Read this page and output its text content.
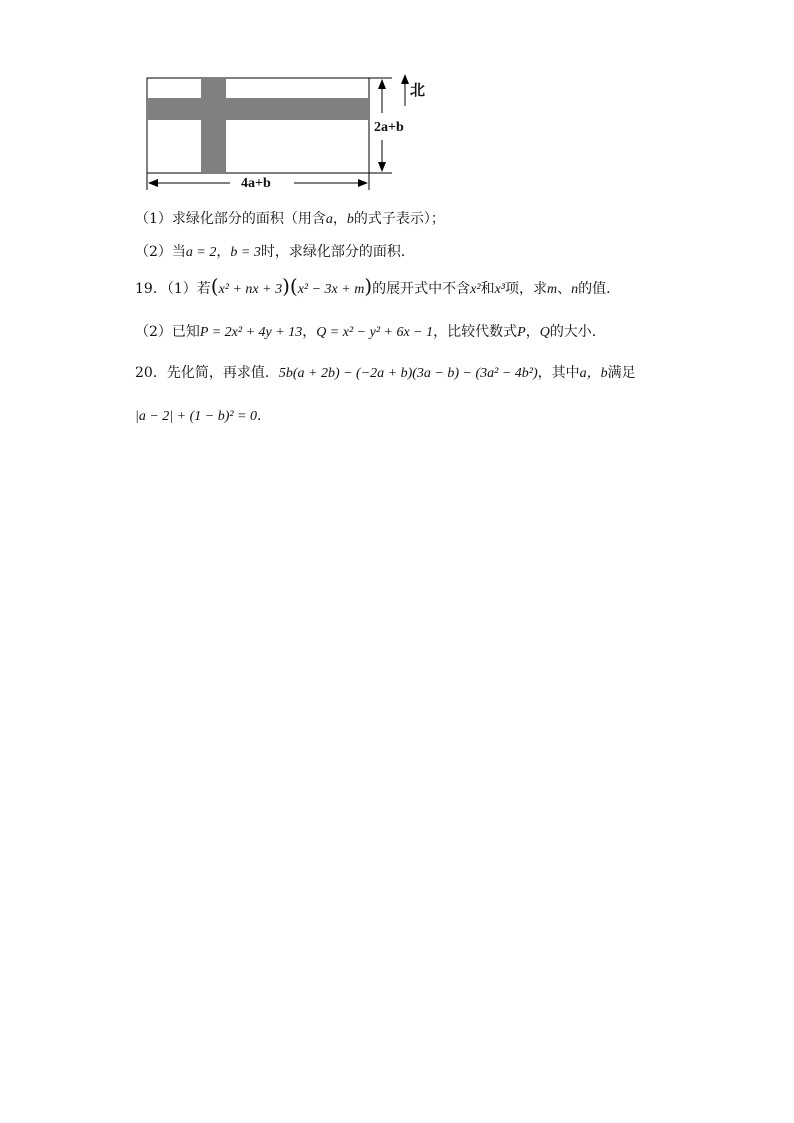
北
2a+b
4a+b
（1）求绿化部分的面积（用含a，b的式子表示）；
（2）当a = 2，b = 3时，求绿化部分的面积．
19．（1）若(x² + nx + 3)(x² − 3x + m)的展开式中不含x²和x³项，求m、n的值．
（2）已知P = 2x² + 4y + 13，Q = x² − y² + 6x − 1，比较代数式P，Q的大小．
20．先化简，再求值．5b(a + 2b) − (−2a + b)(3a − b) − (3a² − 4b²)，其中a，b满足
|a − 2| + (1 − b)² = 0．
